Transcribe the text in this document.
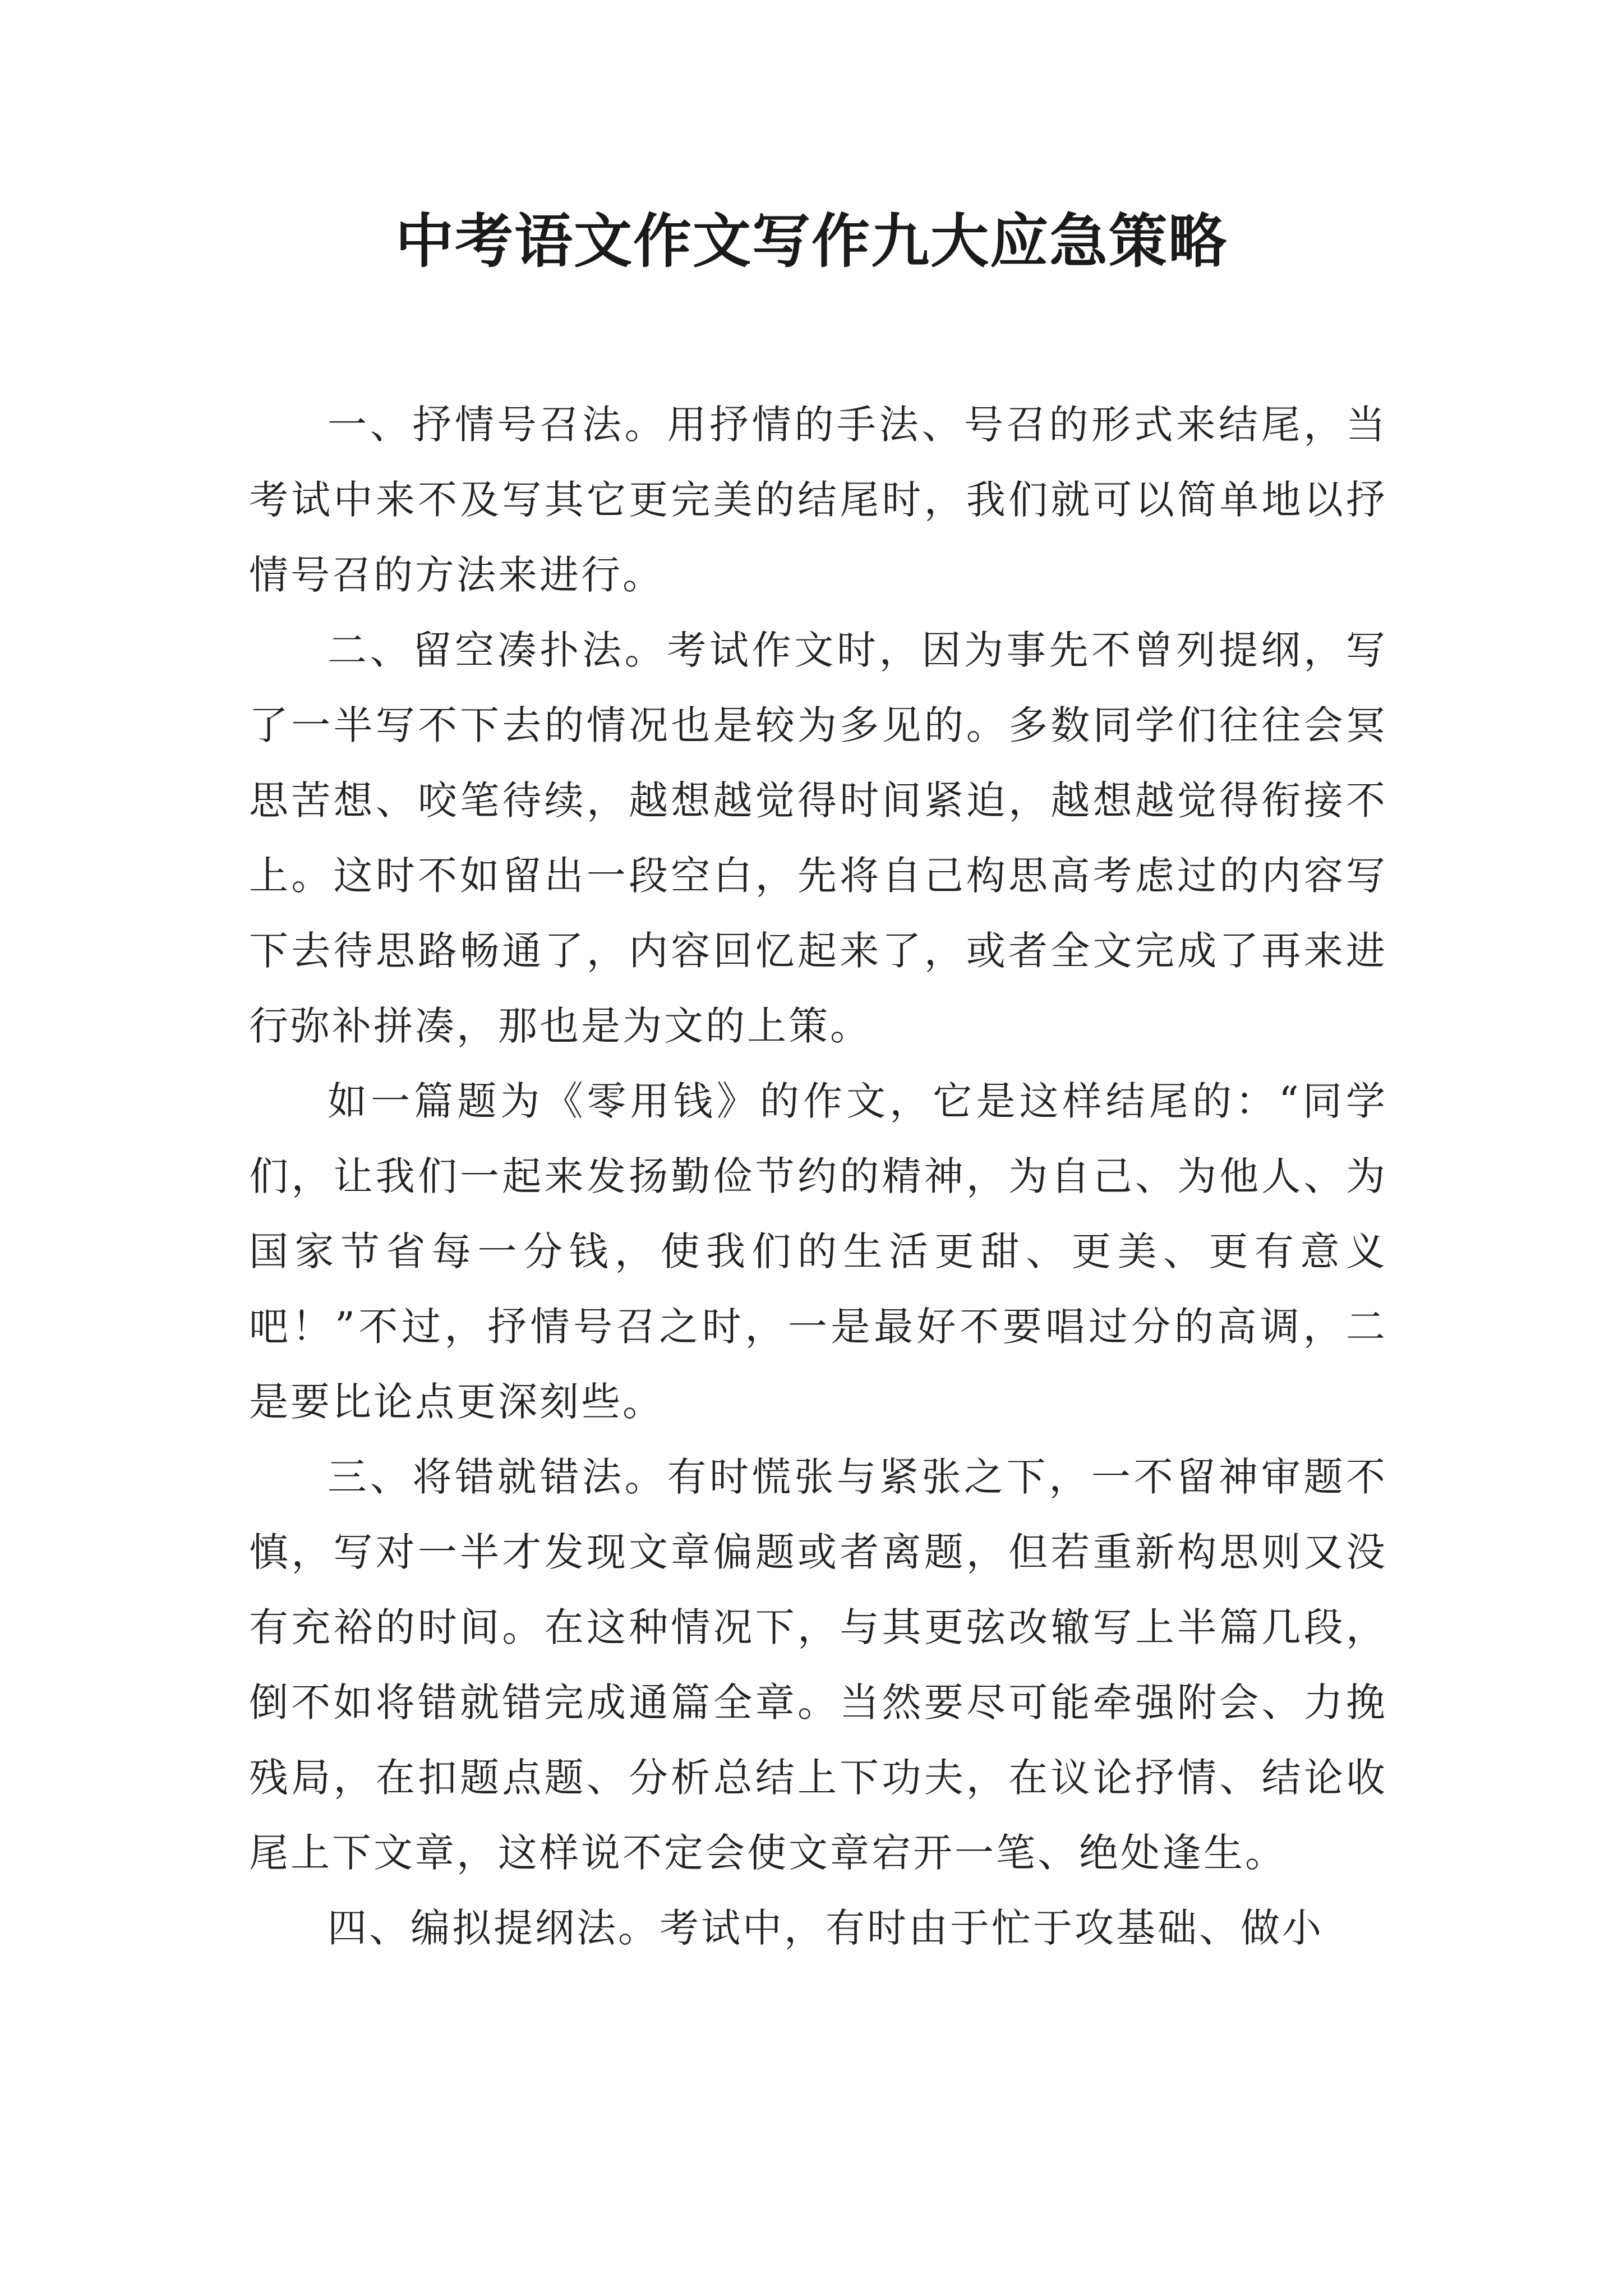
中考语文作文写作九大应急策略

一、抒情号召法。用抒情的手法、号召的形式来结尾，当考试中来不及写其它更完美的结尾时，我们就可以简单地以抒情号召的方法来进行。

二、留空凑扑法。考试作文时，因为事先不曾列提纲，写了一半写不下去的情况也是较为多见的。多数同学们往往会冥思苦想、咬笔待续，越想越觉得时间紧迫，越想越觉得衔接不上。这时不如留出一段空白，先将自己构思高考虑过的内容写下去待思路畅通了，内容回忆起来了，或者全文完成了再来进行弥补拼凑，那也是为文的上策。

如一篇题为《零用钱》的作文，它是这样结尾的：“同学们，让我们一起来发扬勤俭节约的精神，为自己、为他人、为国家节省每一分钱，使我们的生活更甜、更美、更有意义吧！”不过，抒情号召之时，一是最好不要唱过分的高调，二是要比论点更深刻些。

三、将错就错法。有时慌张与紧张之下，一不留神审题不慎，写对一半才发现文章偏题或者离题，但若重新构思则又没有充裕的时间。在这种情况下，与其更弦改辙写上半篇几段，倒不如将错就错完成通篇全章。当然要尽可能牵强附会、力挽残局，在扣题点题、分析总结上下功夫，在议论抒情、结论收尾上下文章，这样说不定会使文章宕开一笔、绝处逢生。

四、编拟提纲法。考试中，有时由于忙于攻基础、做小
